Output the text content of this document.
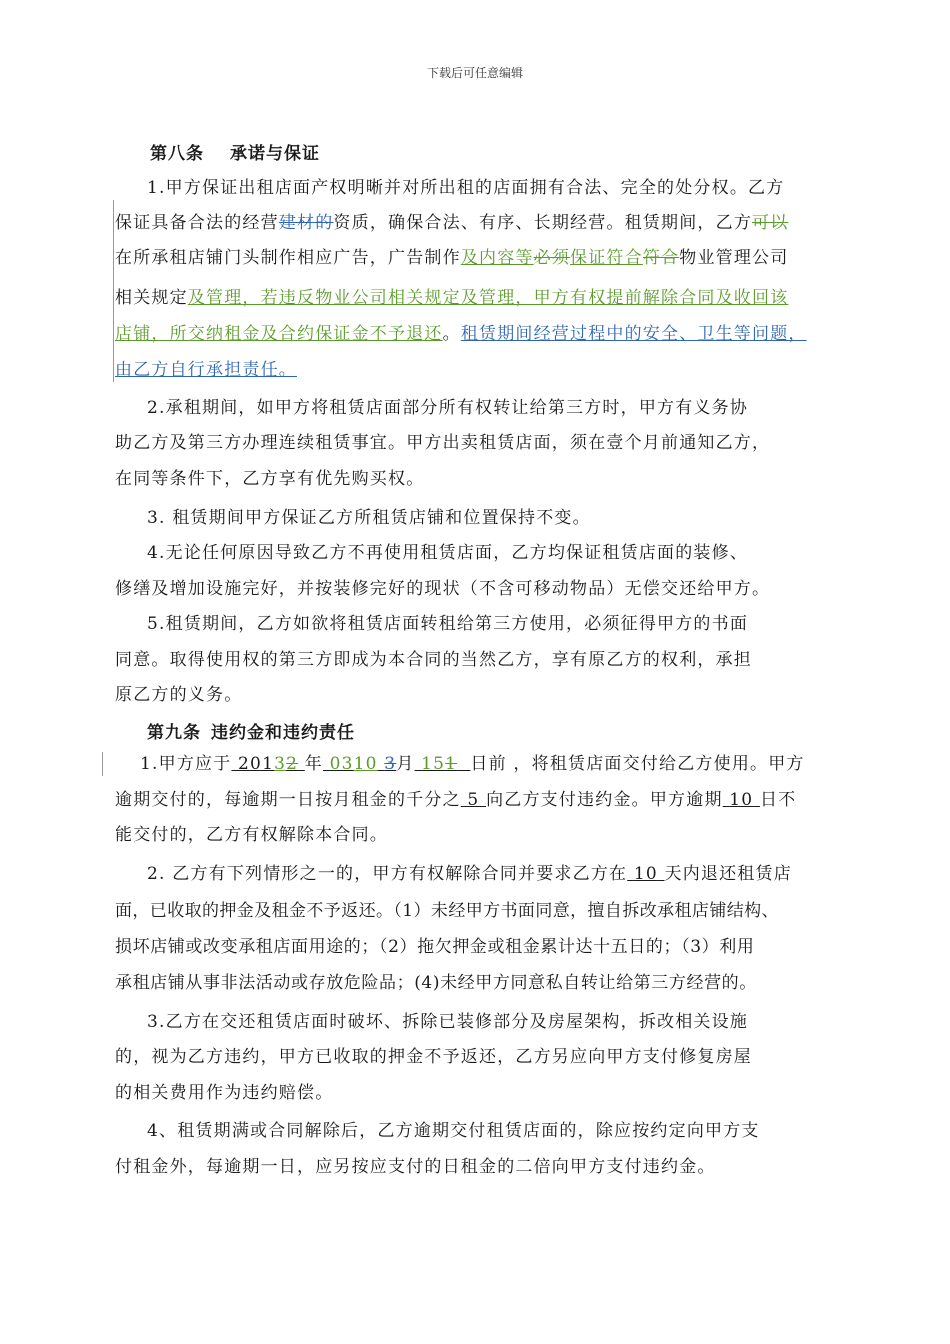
下载后可任意编辑
第八条 承诺与保证
1.甲方保证出租店面产权明晰并对所出租的店面拥有合法、完全的处分权。乙方
保证具备合法的经营建材的资质，确保合法、有序、长期经营。租赁期间，乙方可以
在所承租店铺门头制作相应广告，广告制作及内容等必须保证符合符合物业管理公司
相关规定及管理，若违反物业公司相关规定及管理，甲方有权提前解除合同及收回该
店铺，所交纳租金及合约保证金不予退还。租赁期间经营过程中的安全、卫生等问题，
由乙方自行承担责任。
2.承租期间，如甲方将租赁店面部分所有权转让给第三方时，甲方有义务协
助乙方及第三方办理连续租赁事宜。甲方出卖租赁店面，须在壹个月前通知乙方，
在同等条件下，乙方享有优先购买权。
3. 租赁期间甲方保证乙方所租赁店铺和位置保持不变。
4.无论任何原因导致乙方不再使用租赁店面，乙方均保证租赁店面的装修、
修缮及增加设施完好，并按装修完好的现状（不含可移动物品）无偿交还给甲方。
5.租赁期间，乙方如欲将租赁店面转租给第三方使用，必须征得甲方的书面
同意。取得使用权的第三方即成为本合同的当然乙方，享有原乙方的权利，承担
原乙方的义务。
第九条 违约金和违约责任
1.甲方应于 20132 年 0310 3月 151 日前 ，将租赁店面交付给乙方使用。甲方
逾期交付的，每逾期一日按月租金的千分之 5 向乙方支付违约金。甲方逾期 10 日不
能交付的，乙方有权解除本合同。
2. 乙方有下列情形之一的，甲方有权解除合同并要求乙方在 10 天内退还租赁店
面，已收取的押金及租金不予返还。（1）未经甲方书面同意，擅自拆改承租店铺结构、
损坏店铺或改变承租店面用途的；（2）拖欠押金或租金累计达十五日的；（3）利用
承租店铺从事非法活动或存放危险品；(4)未经甲方同意私自转让给第三方经营的。
3.乙方在交还租赁店面时破坏、拆除已装修部分及房屋架构，拆改相关设施
的，视为乙方违约，甲方已收取的押金不予返还，乙方另应向甲方支付修复房屋
的相关费用作为违约赔偿。
4、租赁期满或合同解除后，乙方逾期交付租赁店面的，除应按约定向甲方支
付租金外，每逾期一日，应另按应支付的日租金的二倍向甲方支付违约金。
